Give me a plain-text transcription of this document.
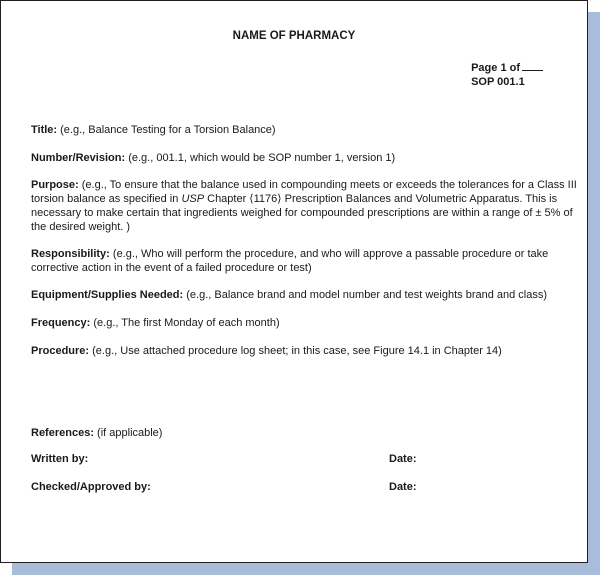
NAME OF PHARMACY
Page 1 of
SOP 001.1
Title: (e.g., Balance Testing for a Torsion Balance)
Number/Revision: (e.g., 001.1, which would be SOP number 1, version 1)
Purpose: (e.g., To ensure that the balance used in compounding meets or exceeds the tolerances for a Class III torsion balance as specified in USP Chapter ⟨1176⟩ Prescription Balances and Volumetric Apparatus. This is necessary to make certain that ingredients weighed for compounded prescriptions are within a range of ± 5% of the desired weight. )
Responsibility: (e.g., Who will perform the procedure, and who will approve a passable procedure or take corrective action in the event of a failed procedure or test)
Equipment/Supplies Needed: (e.g., Balance brand and model number and test weights brand and class)
Frequency: (e.g., The first Monday of each month)
Procedure: (e.g., Use attached procedure log sheet; in this case, see Figure 14.1 in Chapter 14)
References: (if applicable)
Written by:	Date:
Checked/Approved by:	Date:
